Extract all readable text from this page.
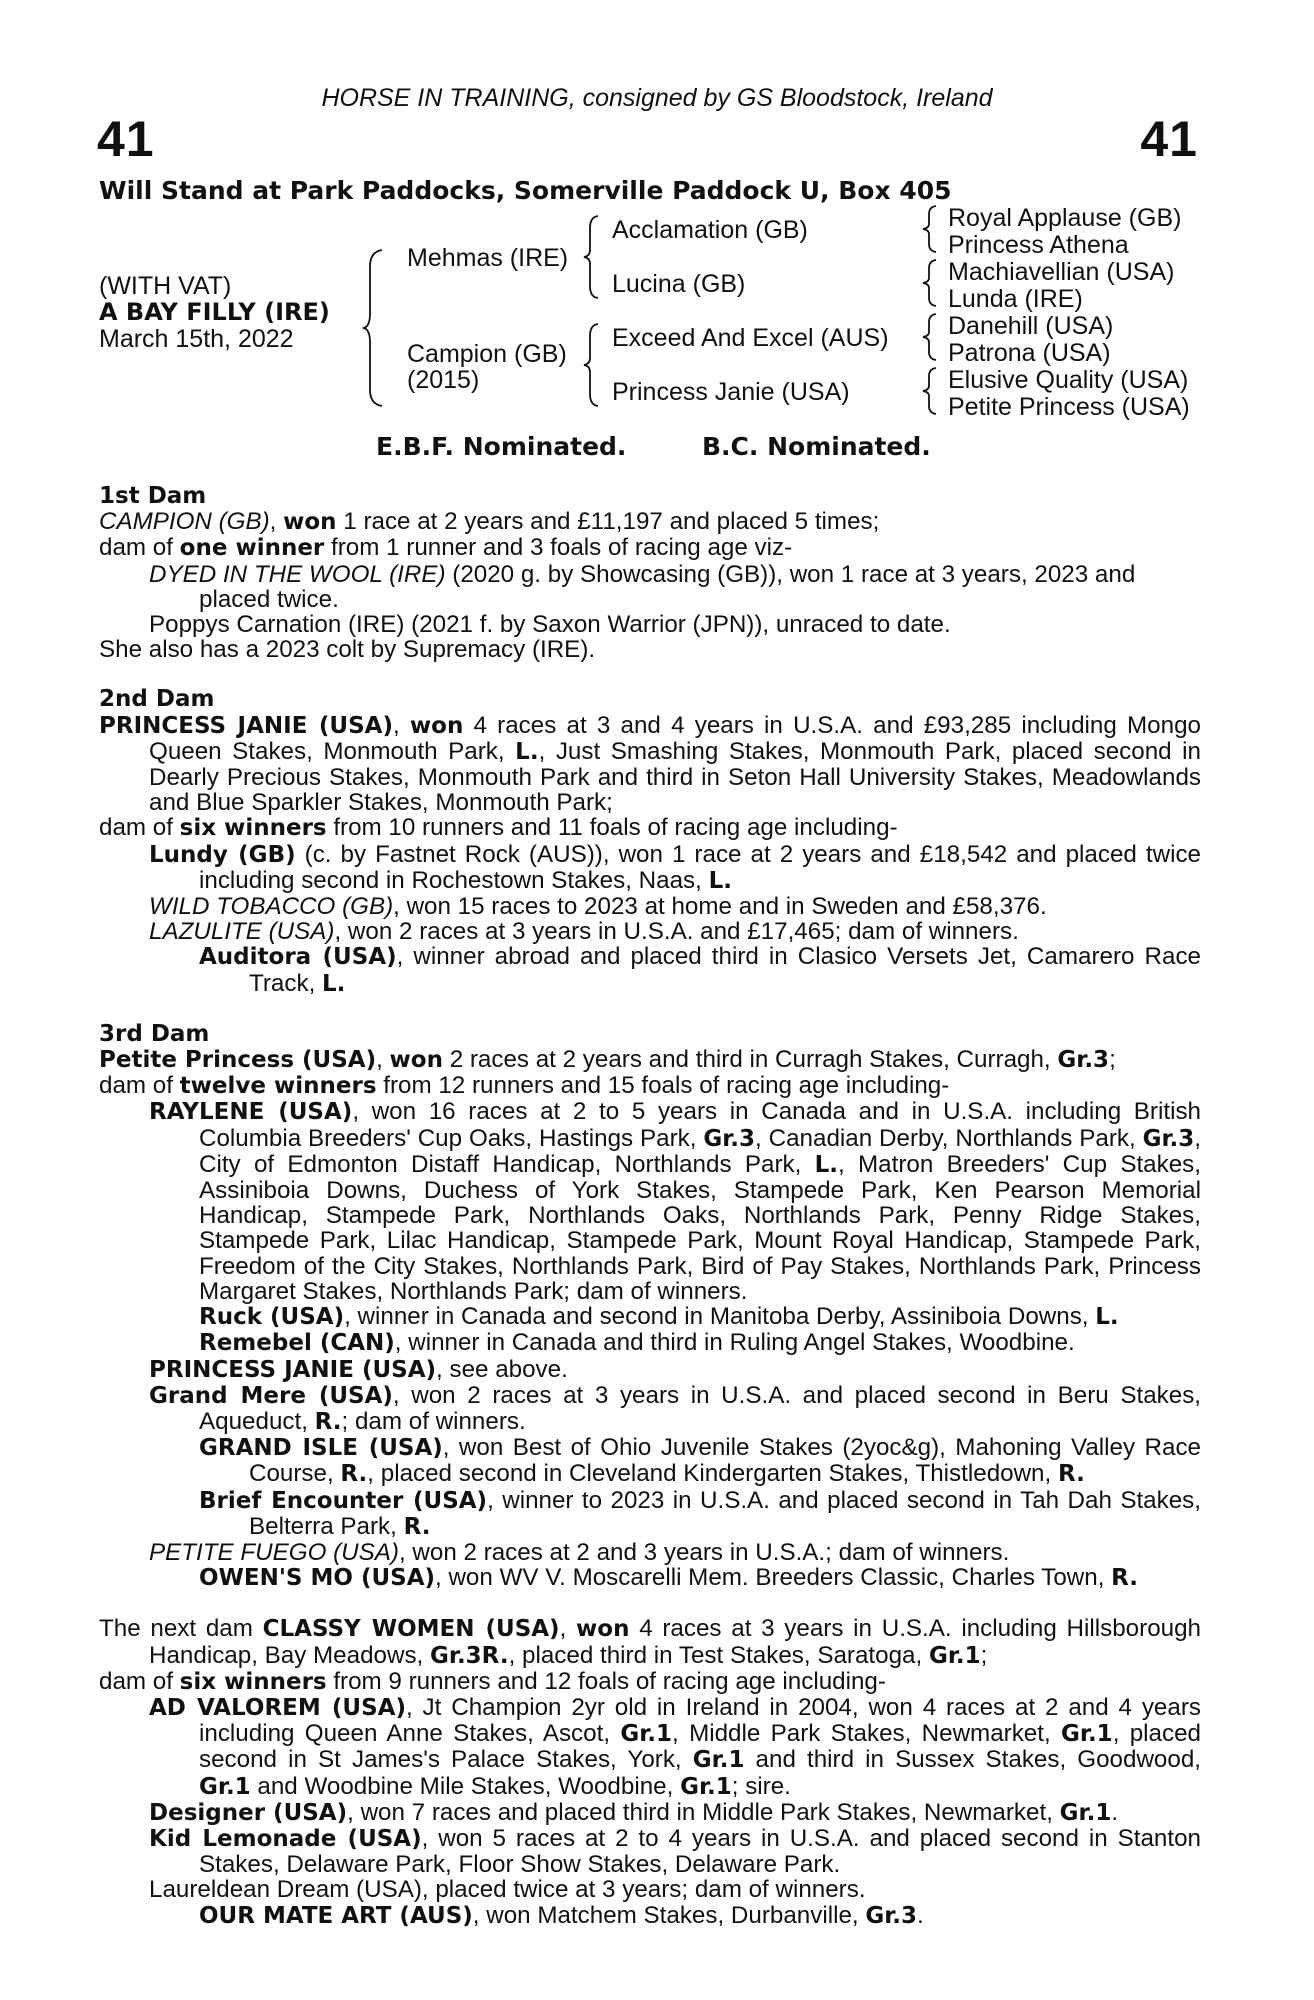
HORSE IN TRAINING, consigned by GS Bloodstock, Ireland
41	41
Will Stand at Park Paddocks, Somerville Paddock U, Box 405
(WITH VAT)
A BAY FILLY (IRE)
March 15th, 2022
Mehmas (IRE)
Campion (GB)
(2015)
Acclamation (GB)
Lucina (GB)
Exceed And Excel (AUS)
Princess Janie (USA)
Royal Applause (GB)
Princess Athena
Machiavellian (USA)
Lunda (IRE)
Danehill (USA)
Patrona (USA)
Elusive Quality (USA)
Petite Princess (USA)
E.B.F. Nominated.	B.C. Nominated.

1st Dam

CAMPION (GB), won 1 race at 2 years and £11,197 and placed 5 times;

dam of one winner from 1 runner and 3 foals of racing age viz-

DYED IN THE WOOL (IRE) (2020 g. by Showcasing (GB)), won 1 race at 3 years, 2023 and placed twice.

Poppys Carnation (IRE) (2021 f. by Saxon Warrior (JPN)), unraced to date.

She also has a 2023 colt by Supremacy (IRE).

2nd Dam

PRINCESS JANIE (USA), won 4 races at 3 and 4 years in U.S.A. and £93,285 including Mongo Queen Stakes, Monmouth Park, L., Just Smashing Stakes, Monmouth Park, placed second in Dearly Precious Stakes, Monmouth Park and third in Seton Hall University Stakes, Meadowlands and Blue Sparkler Stakes, Monmouth Park;

dam of six winners from 10 runners and 11 foals of racing age including-

Lundy (GB) (c. by Fastnet Rock (AUS)), won 1 race at 2 years and £18,542 and placed twice including second in Rochestown Stakes, Naas, L.

WILD TOBACCO (GB), won 15 races to 2023 at home and in Sweden and £58,376.

LAZULITE (USA), won 2 races at 3 years in U.S.A. and £17,465; dam of winners.

Auditora (USA), winner abroad and placed third in Clasico Versets Jet, Camarero Race Track, L.

3rd Dam

Petite Princess (USA), won 2 races at 2 years and third in Curragh Stakes, Curragh, Gr.3;

dam of twelve winners from 12 runners and 15 foals of racing age including-

RAYLENE (USA), won 16 races at 2 to 5 years in Canada and in U.S.A. including British Columbia Breeders' Cup Oaks, Hastings Park, Gr.3, Canadian Derby, Northlands Park, Gr.3, City of Edmonton Distaff Handicap, Northlands Park, L., Matron Breeders' Cup Stakes, Assiniboia Downs, Duchess of York Stakes, Stampede Park, Ken Pearson Memorial Handicap, Stampede Park, Northlands Oaks, Northlands Park, Penny Ridge Stakes, Stampede Park, Lilac Handicap, Stampede Park, Mount Royal Handicap, Stampede Park, Freedom of the City Stakes, Northlands Park, Bird of Pay Stakes, Northlands Park, Princess Margaret Stakes, Northlands Park; dam of winners.

Ruck (USA), winner in Canada and second in Manitoba Derby, Assiniboia Downs, L.

Remebel (CAN), winner in Canada and third in Ruling Angel Stakes, Woodbine.

PRINCESS JANIE (USA), see above.

Grand Mere (USA), won 2 races at 3 years in U.S.A. and placed second in Beru Stakes, Aqueduct, R.; dam of winners.

GRAND ISLE (USA), won Best of Ohio Juvenile Stakes (2yoc&g), Mahoning Valley Race Course, R., placed second in Cleveland Kindergarten Stakes, Thistledown, R.

Brief Encounter (USA), winner to 2023 in U.S.A. and placed second in Tah Dah Stakes, Belterra Park, R.

PETITE FUEGO (USA), won 2 races at 2 and 3 years in U.S.A.; dam of winners.

OWEN'S MO (USA), won WV V. Moscarelli Mem. Breeders Classic, Charles Town, R.

The next dam CLASSY WOMEN (USA), won 4 races at 3 years in U.S.A. including Hillsborough Handicap, Bay Meadows, Gr.3R., placed third in Test Stakes, Saratoga, Gr.1;

dam of six winners from 9 runners and 12 foals of racing age including-

AD VALOREM (USA), Jt Champion 2yr old in Ireland in 2004, won 4 races at 2 and 4 years including Queen Anne Stakes, Ascot, Gr.1, Middle Park Stakes, Newmarket, Gr.1, placed second in St James's Palace Stakes, York, Gr.1 and third in Sussex Stakes, Goodwood, Gr.1 and Woodbine Mile Stakes, Woodbine, Gr.1; sire.

Designer (USA), won 7 races and placed third in Middle Park Stakes, Newmarket, Gr.1.

Kid Lemonade (USA), won 5 races at 2 to 4 years in U.S.A. and placed second in Stanton Stakes, Delaware Park, Floor Show Stakes, Delaware Park.

Laureldean Dream (USA), placed twice at 3 years; dam of winners.

OUR MATE ART (AUS), won Matchem Stakes, Durbanville, Gr.3.
